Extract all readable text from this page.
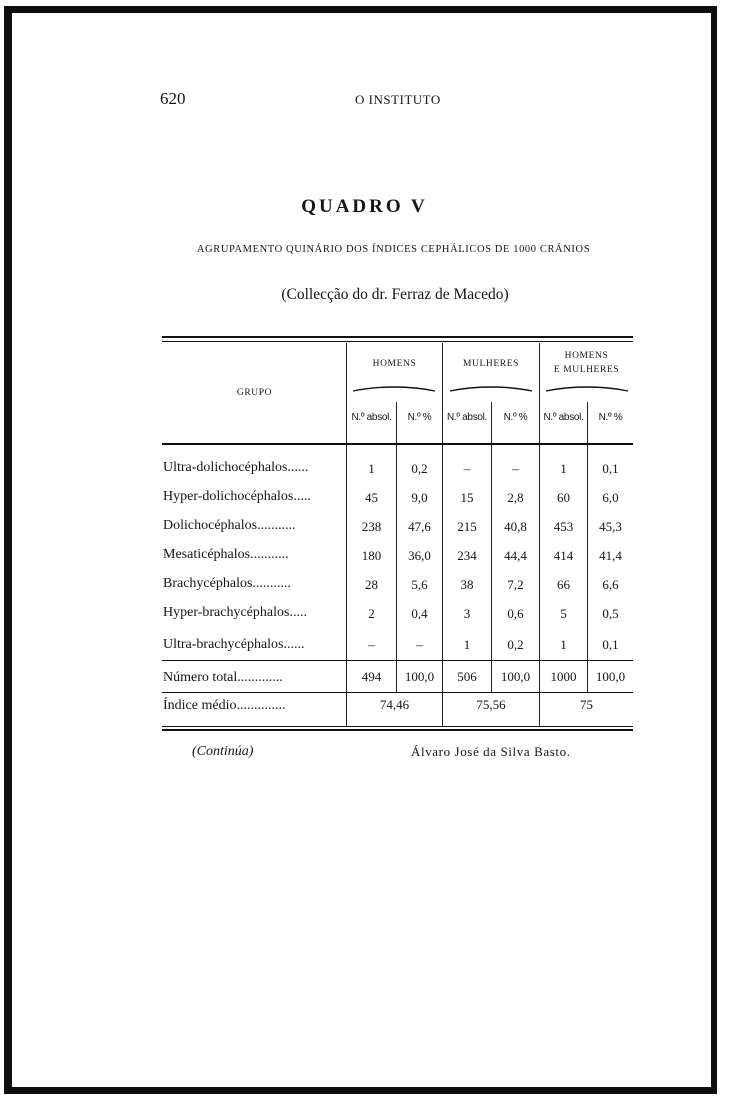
620	O INSTITUTO
QUADRO V
AGRUPAMENTO QUINÁRIO DOS ÍNDICES CEPHÁLICOS DE 1000 CRÁNIOS
(Collecção do dr. Ferraz de Macedo)
GRUPO
HOMENS	MULHERES
HOMENS
E MULHERES
N.º absol.	N.º %	N.º absol.	N.º %	N.º absol.	N.º %
Ultra-dolichocéphalos......	1	0,2	–	–	1	0,1
Hyper-dolichocéphalos.....	45	9,0	15	2,8	60	6,0
Dolichocéphalos...........	238	47,6	215	40,8	453	45,3
Mesaticéphalos...........	180	36,0	234	44,4	414	41,4
Brachycéphalos...........	28	5,6	38	7,2	66	6,6
Hyper-brachycéphalos.....	2	0,4	3	0,6	5	0,5
Ultra-brachycéphalos......	–	–	1	0,2	1	0,1
Número total.............	494	100,0	506	100,0	1000	100,0
Índice médio..............	74,46	75,56	75
(Continúa)	Álvaro José da Silva Basto.
